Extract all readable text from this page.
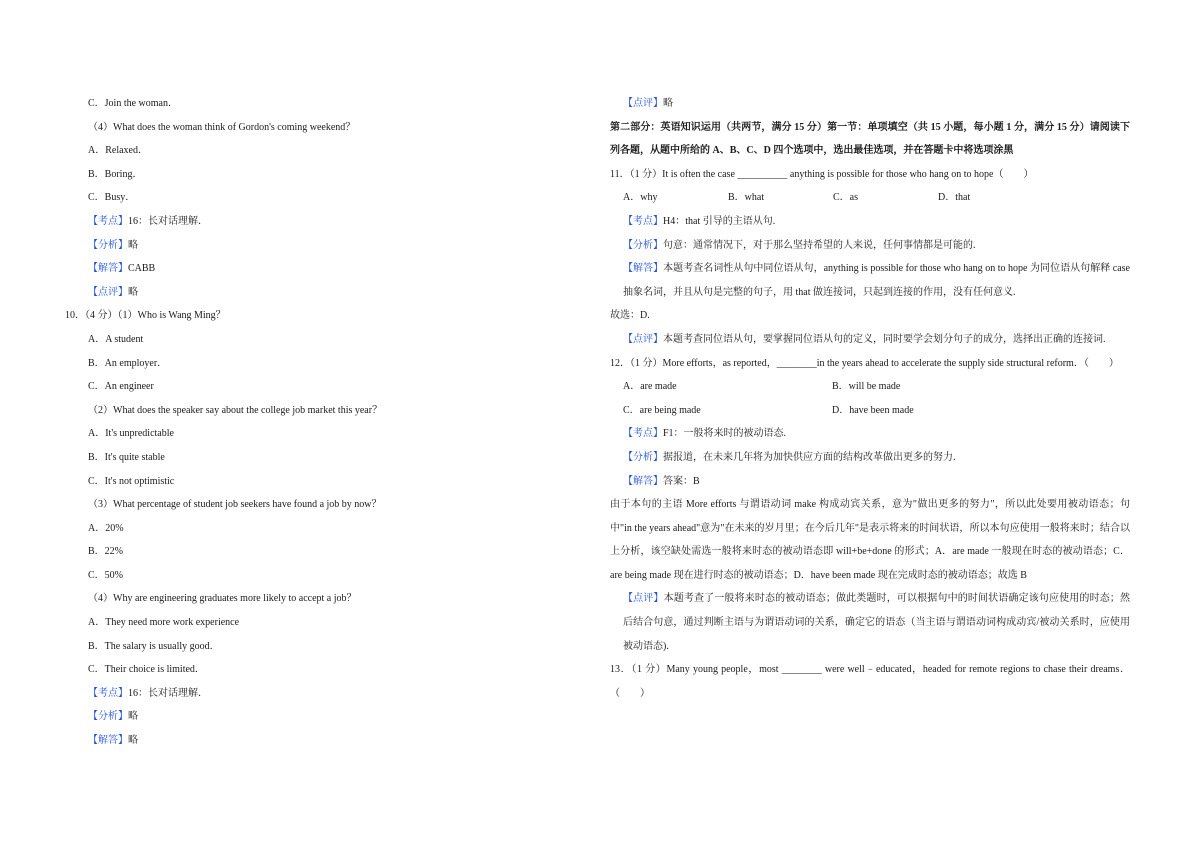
C．Join the woman．
（4）What does the woman think of Gordon's coming weekend？
A．Relaxed．
B．Boring．
C．Busy．
【考点】16：长对话理解．
【分析】略
【解答】CABB
【点评】略
10．（4 分）（1）Who is Wang Ming？
A．A student
B．An employer．
C．An engineer
（2）What does the speaker say about the college job market this year？
A．It's unpredictable
B．It's quite stable
C．It's not optimistic
（3）What percentage of student job seekers have found a job by now？
A．20%
B．22%
C．50%
（4）Why are engineering graduates more likely to accept a job？
A．They need more work experience
B．The salary is usually good．
C．Their choice is limited．
【考点】16：长对话理解．
【分析】略
【解答】略

【点评】略

第二部分：英语知识运用（共两节，满分 15 分）第一节：单项填空（共 15 小题，每小题 1 分，满分 15 分）请阅读下列各题，从题中所给的 A、B、C、D 四个选项中，选出最佳选项，并在答题卡中将选项涂黑

11．（1 分）It is often the case __________ anything is possible for those who hang on to hope（　　）

A．why	B．what	C．as	D．that

【考点】H4：that 引导的主语从句.

【分析】句意：通常情况下，对于那么坚持希望的人来说，任何事情都是可能的.

【解答】本题考查名词性从句中同位语从句，anything is possible for those who hang on to hope 为同位语从句解释 case 抽象名词，并且从句是完整的句子，用 that 做连接词，只起到连接的作用，没有任何意义.

故选：D.

【点评】本题考查同位语从句，要掌握同位语从句的定义，同时要学会划分句子的成分，选择出正确的连接词.

12．（1 分）More efforts，as reported，________in the years ahead to accelerate the supply side structural reform．（　　）

A．are made	B．will be made
C．are being made	D．have been made

【考点】F1：一般将来时的被动语态.

【分析】据报道，在未来几年将为加快供应方面的结构改革做出更多的努力.

【解答】答案：B

由于本句的主语 More efforts 与谓语动词 make 构成动宾关系，意为"做出更多的努力"，所以此处要用被动语态；句中"in the years ahead"意为"在未来的岁月里；在今后几年"是表示将来的时间状语，所以本句应使用一般将来时；结合以上分析，该空缺处需选一般将来时态的被动语态即 will+be+done 的形式；A．are made 一般现在时态的被动语态；C．are being made 现在进行时态的被动语态；D．have been made 现在完成时态的被动语态；故选 B

【点评】本题考查了一般将来时态的被动语态；做此类题时，可以根据句中的时间状语确定该句应使用的时态；然后结合句意，通过判断主语与为谓语动词的关系，确定它的语态（当主语与谓语动词构成动宾/被动关系时，应使用被动语态).

13．（1 分）Many young people，most ________ were well﹣educated，headed for remote regions to chase their dreams．（　　）
